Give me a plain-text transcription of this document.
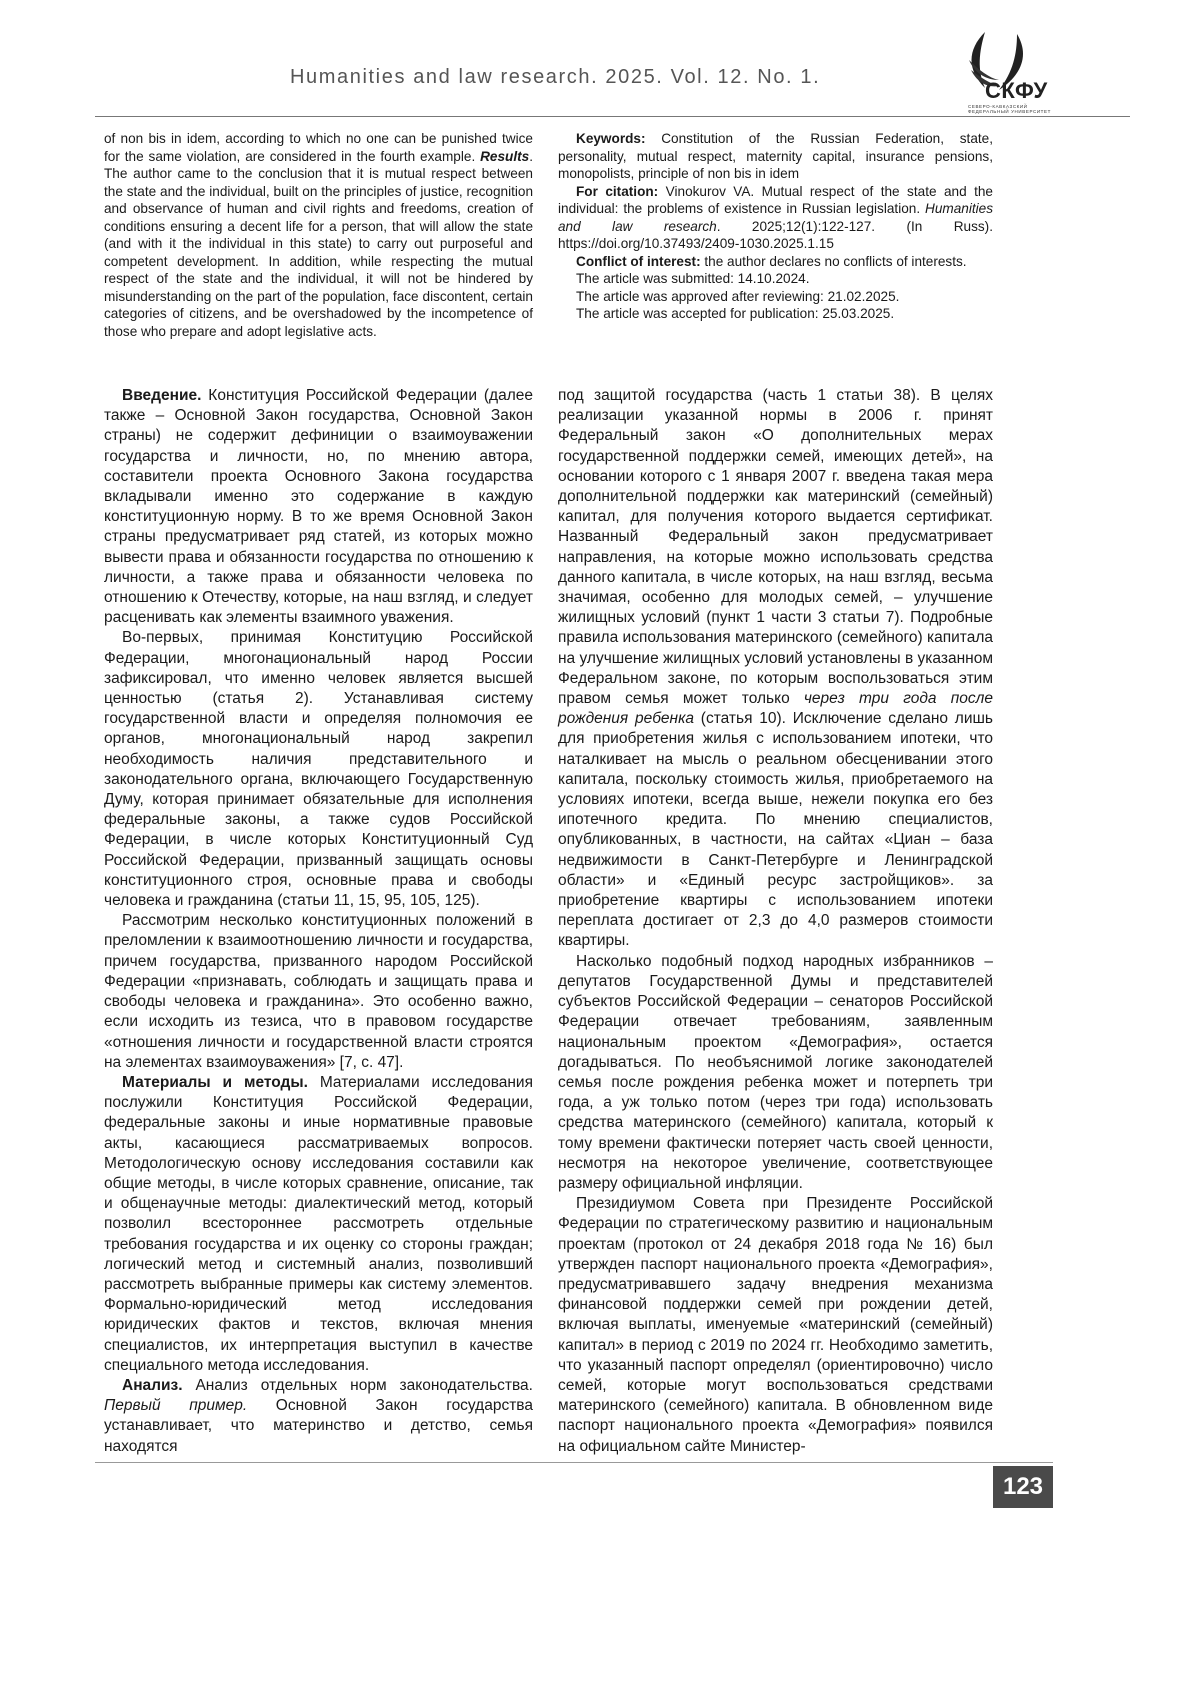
Humanities and law research. 2025. Vol. 12. No. 1.
СКФУ
СЕВЕРО-КАВКАЗСКИЙ
ФЕДЕРАЛЬНЫЙ УНИВЕРСИТЕТ

of non bis in idem, according to which no one can be punished twice for the same violation, are considered in the fourth example. Results. The author came to the conclusion that it is mutual respect between the state and the individual, built on the principles of justice, recognition and observance of human and civil rights and freedoms, creation of conditions ensuring a decent life for a person, that will allow the state (and with it the individual in this state) to carry out purposeful and competent development. In addition, while respecting the mutual respect of the state and the individual, it will not be hindered by misunderstanding on the part of the population, face discontent, certain categories of citizens, and be overshadowed by the incompetence of those who prepare and adopt legislative acts.

Keywords: Constitution of the Russian Federation, state, personality, mutual respect, maternity capital, insurance pensions, monopolists, principle of non bis in idem

For citation: Vinokurov VA. Mutual respect of the state and the individual: the problems of existence in Russian legislation. Humanities and law research. 2025;12(1):122-127. (In Russ). https://doi.org/10.37493/2409-1030.2025.1.15

Conflict of interest: the author declares no conflicts of interests.

The article was submitted: 14.10.2024.

The article was approved after reviewing: 21.02.2025.

The article was accepted for publication: 25.03.2025.

Введение. Конституция Российской Федерации (далее также – Основной Закон государства, Основной Закон страны) не содержит дефиниции о взаимоуважении государства и личности, но, по мнению автора, составители проекта Основного Закона государства вкладывали именно это содержание в каждую конституционную норму. В то же время Основной Закон страны предусматривает ряд статей, из которых можно вывести права и обязанности государства по отношению к личности, а также права и обязанности человека по отношению к Отечеству, которые, на наш взгляд, и следует расценивать как элементы взаимного уважения.

Во-первых, принимая Конституцию Российской Федерации, многонациональный народ России зафиксировал, что именно человек является высшей ценностью (статья 2). Устанавливая систему государственной власти и определяя полномочия ее органов, многонациональный народ закрепил необходимость наличия представительного и законодательного органа, включающего Государственную Думу, которая принимает обязательные для исполнения федеральные законы, а также судов Российской Федерации, в числе которых Конституционный Суд Российской Федерации, призванный защищать основы конституционного строя, основные права и свободы человека и гражданина (статьи 11, 15, 95, 105, 125).

Рассмотрим несколько конституционных положений в преломлении к взаимоотношению личности и государства, причем государства, призванного народом Российской Федерации «признавать, соблюдать и защищать права и свободы человека и гражданина». Это особенно важно, если исходить из тезиса, что в правовом государстве «отношения личности и государственной власти строятся на элементах взаимоуважения» [7, с. 47].

Материалы и методы. Материалами исследования послужили Конституция Российской Федерации, федеральные законы и иные нормативные правовые акты, касающиеся рассматриваемых вопросов. Методологическую основу исследования составили как общие методы, в числе которых сравнение, описание, так и общенаучные методы: диалектический метод, который позволил всестороннее рассмотреть отдельные требования государства и их оценку со стороны граждан; логический метод и системный анализ, позволивший рассмотреть выбранные примеры как систему элементов. Формально-юридический метод исследования юридических фактов и текстов, включая мнения специалистов, их интерпретация выступил в качестве специального метода исследования.

Анализ. Анализ отдельных норм законодательства. Первый пример. Основной Закон государства устанавливает, что материнство и детство, семья находятся

под защитой государства (часть 1 статьи 38). В целях реализации указанной нормы в 2006 г. принят Федеральный закон «О дополнительных мерах государственной поддержки семей, имеющих детей», на основании которого с 1 января 2007 г. введена такая мера дополнительной поддержки как материнский (семейный) капитал, для получения которого выдается сертификат. Названный Федеральный закон предусматривает направления, на которые можно использовать средства данного капитала, в числе которых, на наш взгляд, весьма значимая, особенно для молодых семей, – улучшение жилищных условий (пункт 1 части 3 статьи 7). Подробные правила использования материнского (семейного) капитала на улучшение жилищных условий установлены в указанном Федеральном законе, по которым воспользоваться этим правом семья может только через три года после рождения ребенка (статья 10). Исключение сделано лишь для приобретения жилья с использованием ипотеки, что наталкивает на мысль о реальном обесценивании этого капитала, поскольку стоимость жилья, приобретаемого на условиях ипотеки, всегда выше, нежели покупка его без ипотечного кредита. По мнению специалистов, опубликованных, в частности, на сайтах «Циан – база недвижимости в Санкт-Петербурге и Ленинградской области» и «Единый ресурс застройщиков». за приобретение квартиры с использованием ипотеки переплата достигает от 2,3 до 4,0 размеров стоимости квартиры.

Насколько подобный подход народных избранников – депутатов Государственной Думы и представителей субъектов Российской Федерации – сенаторов Российской Федерации отвечает требованиям, заявленным национальным проектом «Демография», остается догадываться. По необъяснимой логике законодателей семья после рождения ребенка может и потерпеть три года, а уж только потом (через три года) использовать средства материнского (семейного) капитала, который к тому времени фактически потеряет часть своей ценности, несмотря на некоторое увеличение, соответствующее размеру официальной инфляции.

Президиумом Совета при Президенте Российской Федерации по стратегическому развитию и национальным проектам (протокол от 24 декабря 2018 года № 16) был утвержден паспорт национального проекта «Демография», предусматривавшего задачу внедрения механизма финансовой поддержки семей при рождении детей, включая выплаты, именуемые «материнский (семейный) капитал» в период с 2019 по 2024 гг. Необходимо заметить, что указанный паспорт определял (ориентировочно) число семей, которые могут воспользоваться средствами материнского (семейного) капитала. В обновленном виде паспорт национального проекта «Демография» появился на официальном сайте Министер-

123
